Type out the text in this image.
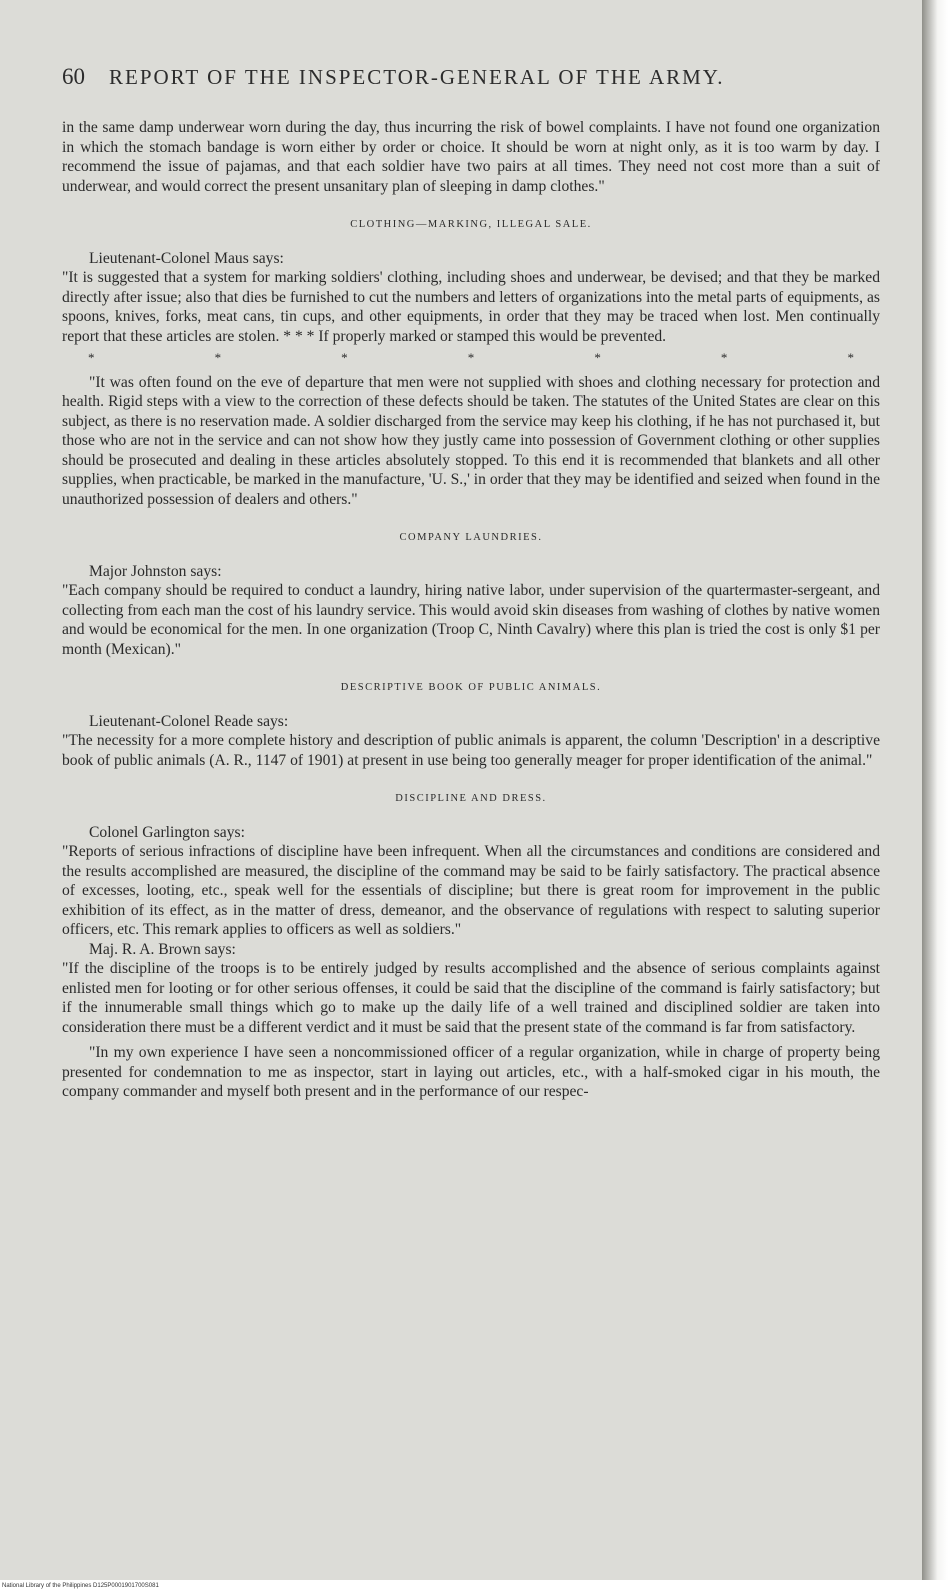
60 REPORT OF THE INSPECTOR-GENERAL OF THE ARMY.

in the same damp underwear worn during the day, thus incurring the risk of bowel complaints. I have not found one organization in which the stomach bandage is worn either by order or choice. It should be worn at night only, as it is too warm by day. I recommend the issue of pajamas, and that each soldier have two pairs at all times. They need not cost more than a suit of underwear, and would correct the present unsanitary plan of sleeping in damp clothes."

CLOTHING—MARKING, ILLEGAL SALE.

Lieutenant-Colonel Maus says:

"It is suggested that a system for marking soldiers' clothing, including shoes and underwear, be devised; and that they be marked directly after issue; also that dies be furnished to cut the numbers and letters of organizations into the metal parts of equipments, as spoons, knives, forks, meat cans, tin cups, and other equipments, in order that they may be traced when lost. Men continually report that these articles are stolen. * * * If properly marked or stamped this would be prevented.

*	*	*	*	*	*	*

"It was often found on the eve of departure that men were not supplied with shoes and clothing necessary for protection and health. Rigid steps with a view to the correction of these defects should be taken. The statutes of the United States are clear on this subject, as there is no reservation made. A soldier discharged from the service may keep his clothing, if he has not purchased it, but those who are not in the service and can not show how they justly came into possession of Government clothing or other supplies should be prosecuted and dealing in these articles absolutely stopped. To this end it is recommended that blankets and all other supplies, when practicable, be marked in the manufacture, 'U. S.,' in order that they may be identified and seized when found in the unauthorized possession of dealers and others."

COMPANY LAUNDRIES.

Major Johnston says:

"Each company should be required to conduct a laundry, hiring native labor, under supervision of the quartermaster-sergeant, and collecting from each man the cost of his laundry service. This would avoid skin diseases from washing of clothes by native women and would be economical for the men. In one organization (Troop C, Ninth Cavalry) where this plan is tried the cost is only $1 per month (Mexican)."

DESCRIPTIVE BOOK OF PUBLIC ANIMALS.

Lieutenant-Colonel Reade says:

"The necessity for a more complete history and description of public animals is apparent, the column 'Description' in a descriptive book of public animals (A. R., 1147 of 1901) at present in use being too generally meager for proper identification of the animal."

DISCIPLINE AND DRESS.

Colonel Garlington says:

"Reports of serious infractions of discipline have been infrequent. When all the circumstances and conditions are considered and the results accomplished are measured, the discipline of the command may be said to be fairly satisfactory. The practical absence of excesses, looting, etc., speak well for the essentials of discipline; but there is great room for improvement in the public exhibition of its effect, as in the matter of dress, demeanor, and the observance of regulations with respect to saluting superior officers, etc. This remark applies to officers as well as soldiers."

Maj. R. A. Brown says:

"If the discipline of the troops is to be entirely judged by results accomplished and the absence of serious complaints against enlisted men for looting or for other serious offenses, it could be said that the discipline of the command is fairly satisfactory; but if the innumerable small things which go to make up the daily life of a well trained and disciplined soldier are taken into consideration there must be a different verdict and it must be said that the present state of the command is far from satisfactory.

"In my own experience I have seen a noncommissioned officer of a regular organization, while in charge of property being presented for condemnation to me as inspector, start in laying out articles, etc., with a half-smoked cigar in his mouth, the company commander and myself both present and in the performance of our respec-

National Library of the Philippines D125P0001901700S081
